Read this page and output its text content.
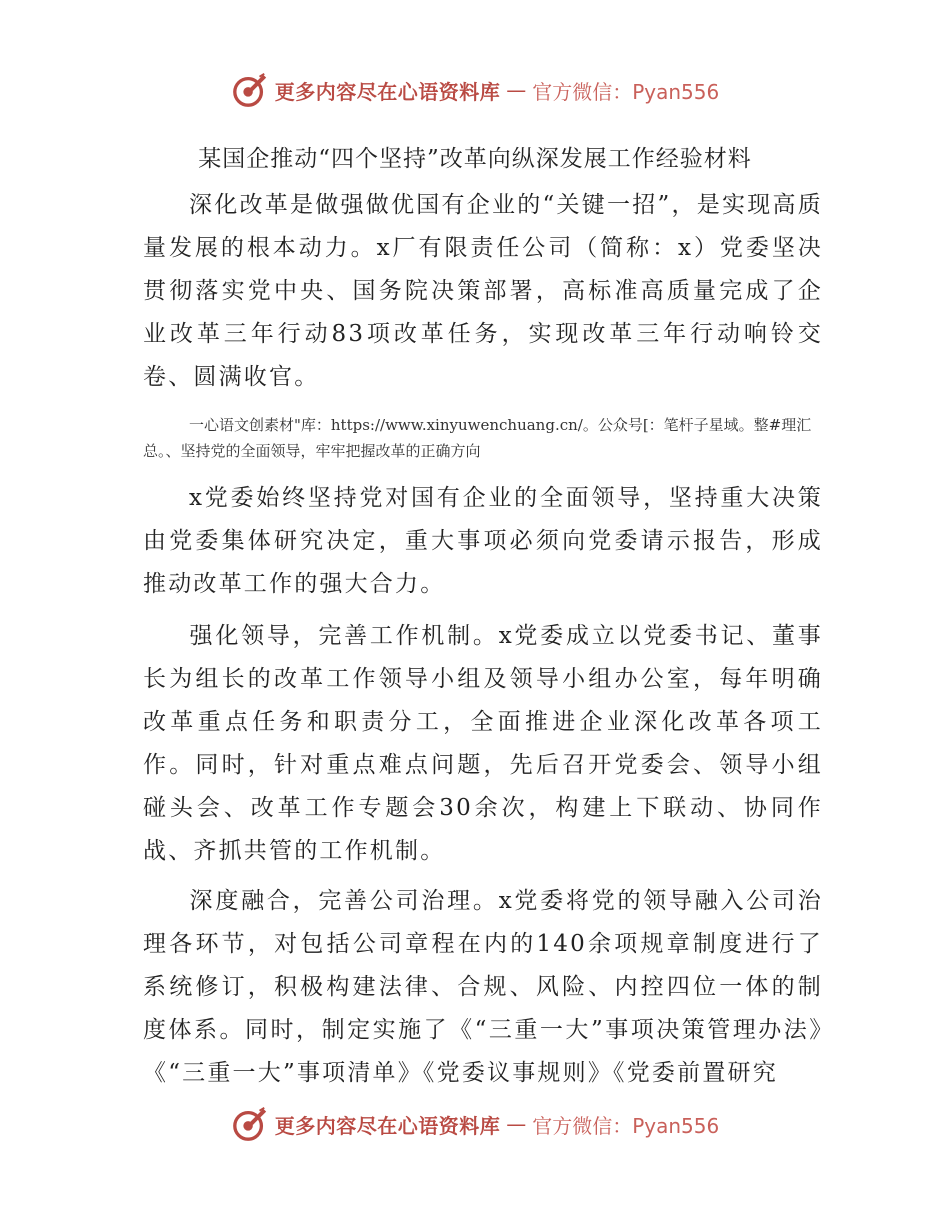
更多内容尽在心语资料库 — 官方微信：Pyan556
某国企推动“四个坚持”改革向纵深发展工作经验材料

深化改革是做强做优国有企业的“关键一招”，是实现高质量发展的根本动力。x厂有限责任公司（简称：x）党委坚决贯彻落实党中央、国务院决策部署，高标准高质量完成了企业改革三年行动83项改革任务，实现改革三年行动响铃交卷、圆满收官。

一心语文创素材"库：https://www.xinyuwenchuang.cn/。公众号[：笔杆子星域。整#理汇总。、坚持党的全面领导，牢牢把握改革的正确方向

x党委始终坚持党对国有企业的全面领导，坚持重大决策由党委集体研究决定，重大事项必须向党委请示报告，形成推动改革工作的强大合力。

强化领导，完善工作机制。x党委成立以党委书记、董事长为组长的改革工作领导小组及领导小组办公室，每年明确改革重点任务和职责分工，全面推进企业深化改革各项工作。同时，针对重点难点问题，先后召开党委会、领导小组碰头会、改革工作专题会30余次，构建上下联动、协同作战、齐抓共管的工作机制。

深度融合，完善公司治理。x党委将党的领导融入公司治理各环节，对包括公司章程在内的140余项规章制度进行了系统修订，积极构建法律、合规、风险、内控四位一体的制度体系。同时，制定实施了《“三重一大”事项决策管理办法》《“三重一大”事项清单》《党委议事规则》《党委前置研究

更多内容尽在心语资料库 — 官方微信：Pyan556
